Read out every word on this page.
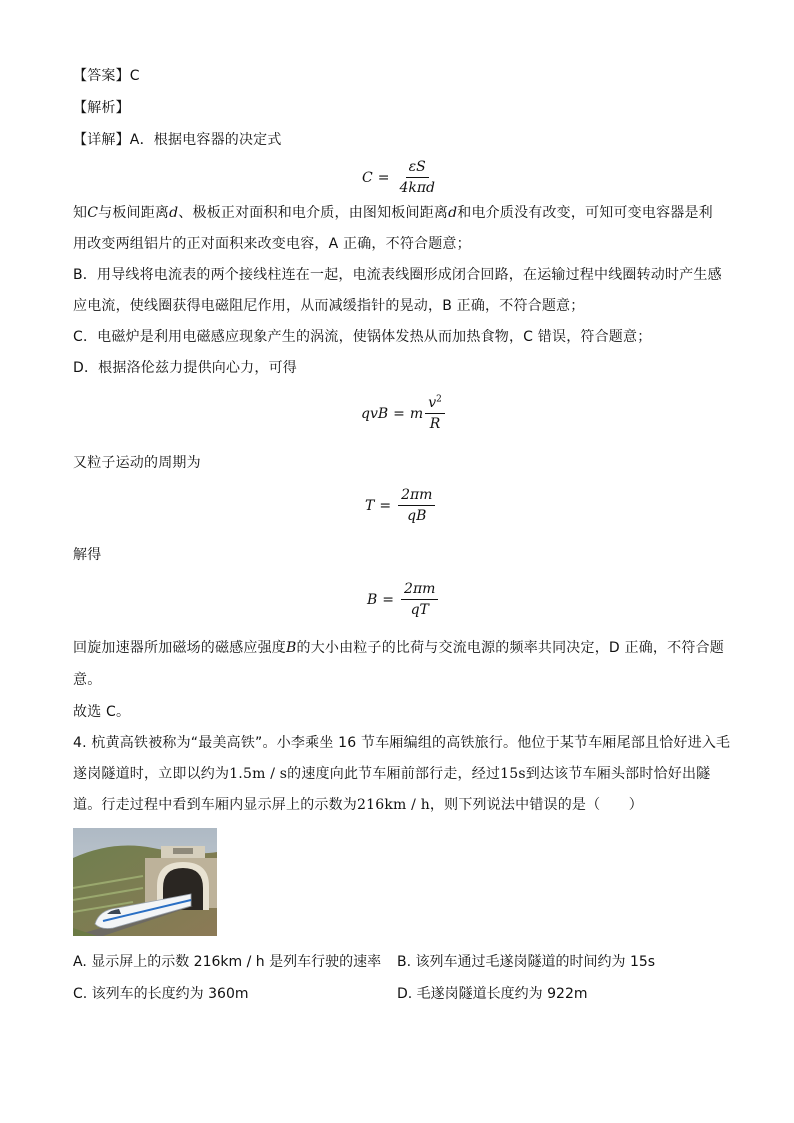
【答案】C
【解析】
【详解】A．根据电容器的决定式
$C = \frac{\varepsilon S}{\text{4kπd}}$
知C与板间距离d、极板正对面积和电介质，由图知板间距离d和电介质没有改变，可知可变电容器是利
用改变两组铝片的正对面积来改变电容，A 正确，不符合题意；
B．用导线将电流表的两个接线柱连在一起，电流表线圈形成闭合回路，在运输过程中线圈转动时产生感
应电流，使线圈获得电磁阻尼作用，从而减缓指针的晃动，B 正确，不符合题意；
C．电磁炉是利用电磁感应现象产生的涡流，使锅体发热从而加热食物，C 错误，符合题意；
D．根据洛伦兹力提供向心力，可得
qvB = m $\frac{v^2}{R}$
又粒子运动的周期为
$T = \frac{2\pi m}{qB}$
解得
$B = \frac{2\pi m}{qT}$
回旋加速器所加磁场的磁感应强度B的大小由粒子的比荷与交流电源的频率共同决定，D 正确，不符合题
意。
故选 C。
4. 杭黄高铁被称为“最美高铁”。小李乘坐 16 节车厢编组的高铁旅行。他位于某节车厢尾部且恰好进入毛
遂岗隧道时，立即以约为1.5m / s的速度向此节车厢前部行走，经过15s到达该节车厢头部时恰好出隧
道。行走过程中看到车厢内显示屏上的示数为216km / h，则下列说法中错误的是（　　）
A. 显示屏上的示数 216km / h 是列车行驶的速率 B. 该列车通过毛遂岗隧道的时间约为 15s
C. 该列车的长度约为 360m	D. 毛遂岗隧道长度约为 922m
